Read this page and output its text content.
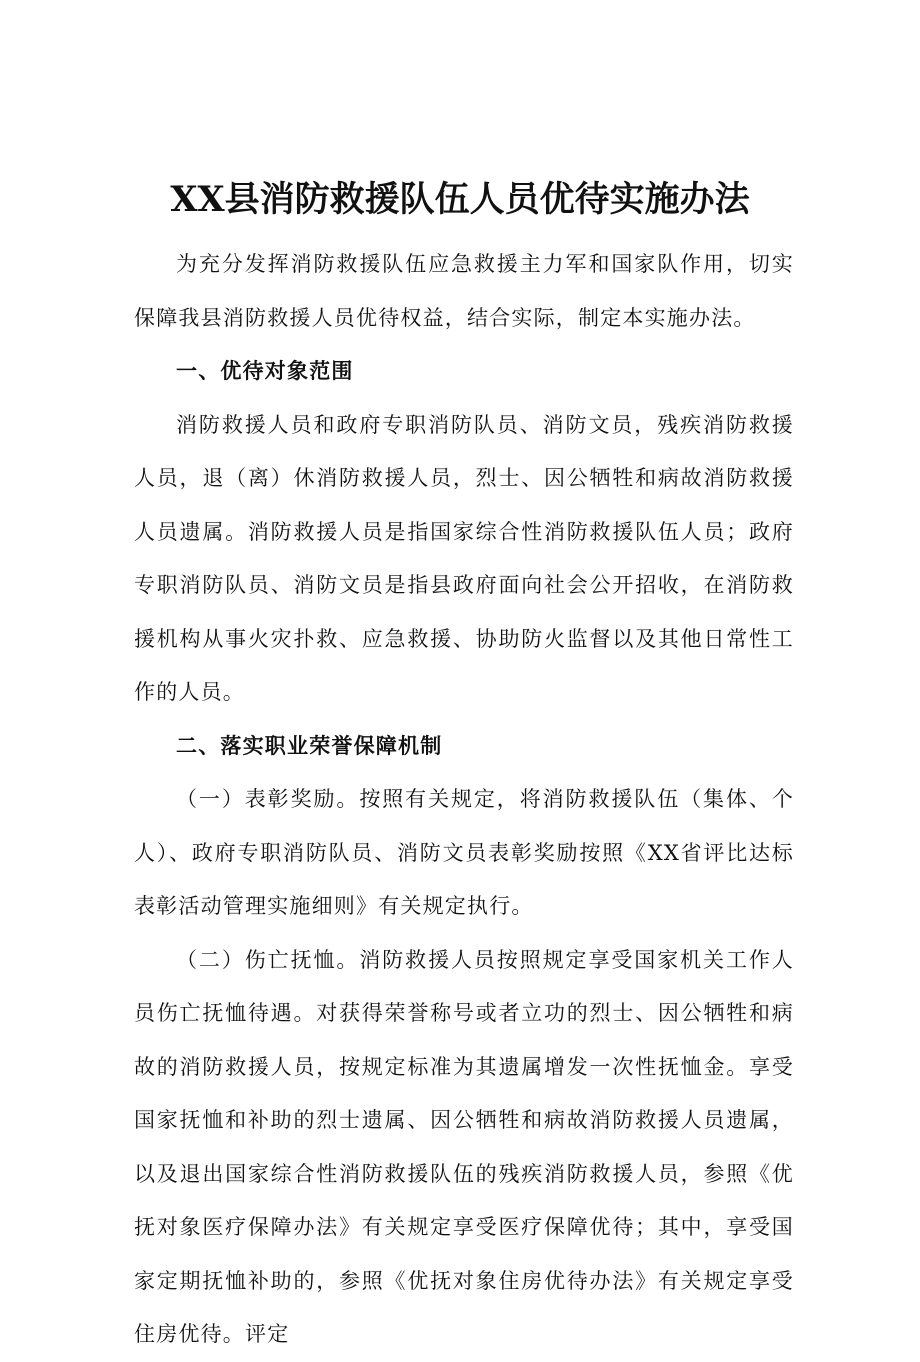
XX县消防救援队伍人员优待实施办法

为充分发挥消防救援队伍应急救援主力军和国家队作用，切实保障我县消防救援人员优待权益，结合实际，制定本实施办法。

一、优待对象范围

消防救援人员和政府专职消防队员、消防文员，残疾消防救援人员，退（离）休消防救援人员，烈士、因公牺牲和病故消防救援人员遗属。消防救援人员是指国家综合性消防救援队伍人员；政府专职消防队员、消防文员是指县政府面向社会公开招收，在消防救援机构从事火灾扑救、应急救援、协助防火监督以及其他日常性工作的人员。

二、落实职业荣誉保障机制

（一）表彰奖励。按照有关规定，将消防救援队伍（集体、个人）、政府专职消防队员、消防文员表彰奖励按照《XX省评比达标表彰活动管理实施细则》有关规定执行。

（二）伤亡抚恤。消防救援人员按照规定享受国家机关工作人员伤亡抚恤待遇。对获得荣誉称号或者立功的烈士、因公牺牲和病故的消防救援人员，按规定标准为其遗属增发一次性抚恤金。享受国家抚恤和补助的烈士遗属、因公牺牲和病故消防救援人员遗属，以及退出国家综合性消防救援队伍的残疾消防救援人员，参照《优抚对象医疗保障办法》有关规定享受医疗保障优待；其中，享受国家定期抚恤补助的，参照《优抚对象住房优待办法》有关规定享受住房优待。评定
